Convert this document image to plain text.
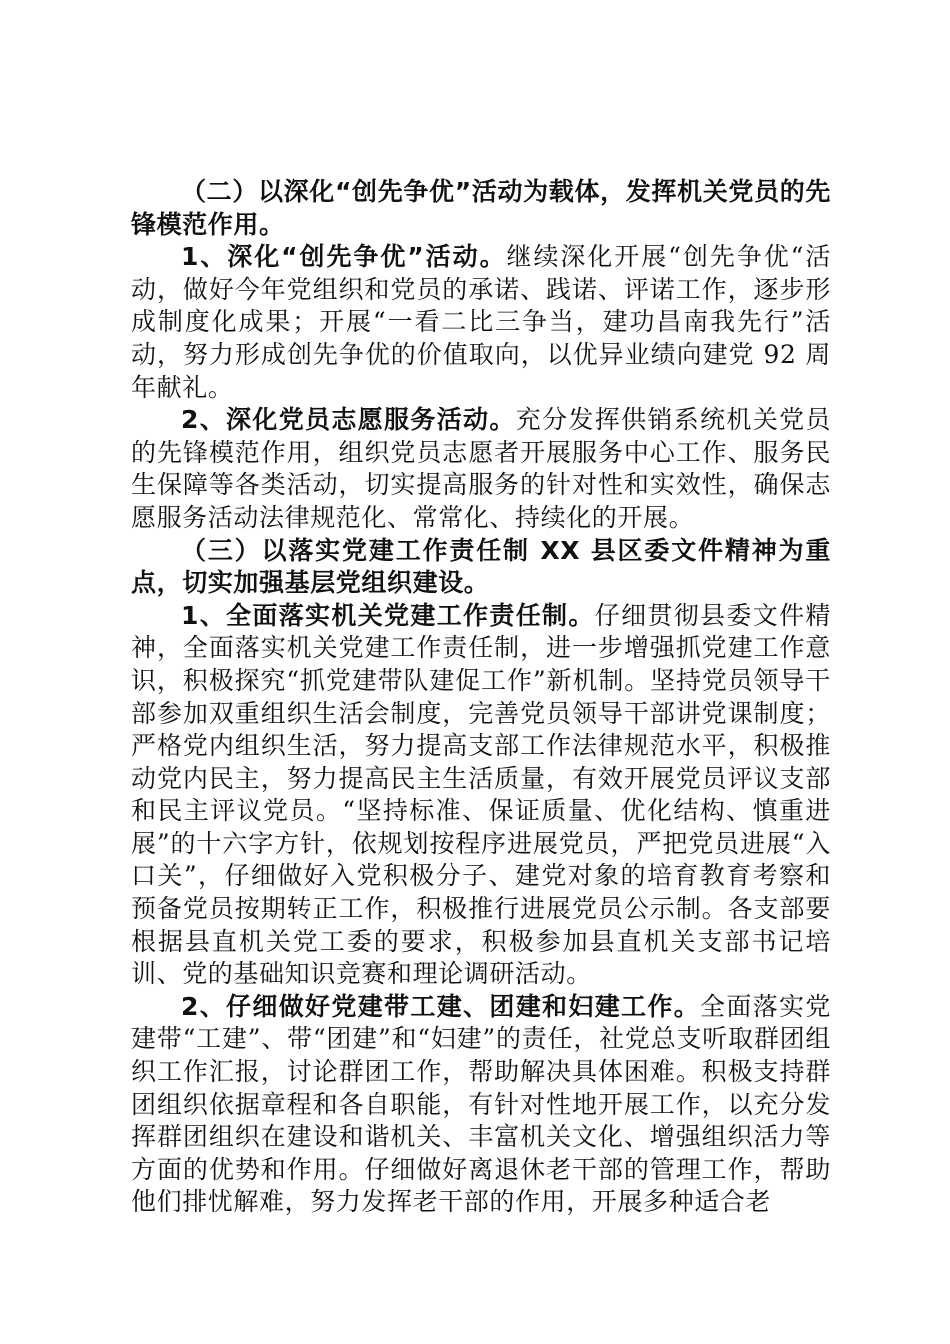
（二）以深化“创先争优”活动为载体，发挥机关党员的先锋模范作用。

1、深化“创先争优”活动。继续深化开展“创先争优“活动，做好今年党组织和党员的承诺、践诺、评诺工作，逐步形成制度化成果；开展“一看二比三争当，建功昌南我先行”活动，努力形成创先争优的价值取向，以优异业绩向建党 92 周年献礼。

2、深化党员志愿服务活动。充分发挥供销系统机关党员的先锋模范作用，组织党员志愿者开展服务中心工作、服务民生保障等各类活动，切实提高服务的针对性和实效性，确保志愿服务活动法律规范化、常常化、持续化的开展。

（三）以落实党建工作责任制 XX 县区委文件精神为重点，切实加强基层党组织建设。

1、全面落实机关党建工作责任制。仔细贯彻县委文件精神，全面落实机关党建工作责任制，进一步增强抓党建工作意识，积极探究“抓党建带队建促工作”新机制。坚持党员领导干部参加双重组织生活会制度，完善党员领导干部讲党课制度；严格党内组织生活，努力提高支部工作法律规范水平，积极推动党内民主，努力提高民主生活质量，有效开展党员评议支部和民主评议党员。“坚持标准、保证质量、优化结构、慎重进展”的十六字方针，依规划按程序进展党员，严把党员进展“入口关”，仔细做好入党积极分子、建党对象的培育教育考察和预备党员按期转正工作，积极推行进展党员公示制。各支部要根据县直机关党工委的要求，积极参加县直机关支部书记培训、党的基础知识竞赛和理论调研活动。

2、仔细做好党建带工建、团建和妇建工作。全面落实党建带“工建”、带“团建”和“妇建”的责任，社党总支听取群团组织工作汇报，讨论群团工作，帮助解决具体困难。积极支持群团组织依据章程和各自职能，有针对性地开展工作，以充分发挥群团组织在建设和谐机关、丰富机关文化、增强组织活力等方面的优势和作用。仔细做好离退休老干部的管理工作，帮助他们排忧解难，努力发挥老干部的作用，开展多种适合老
